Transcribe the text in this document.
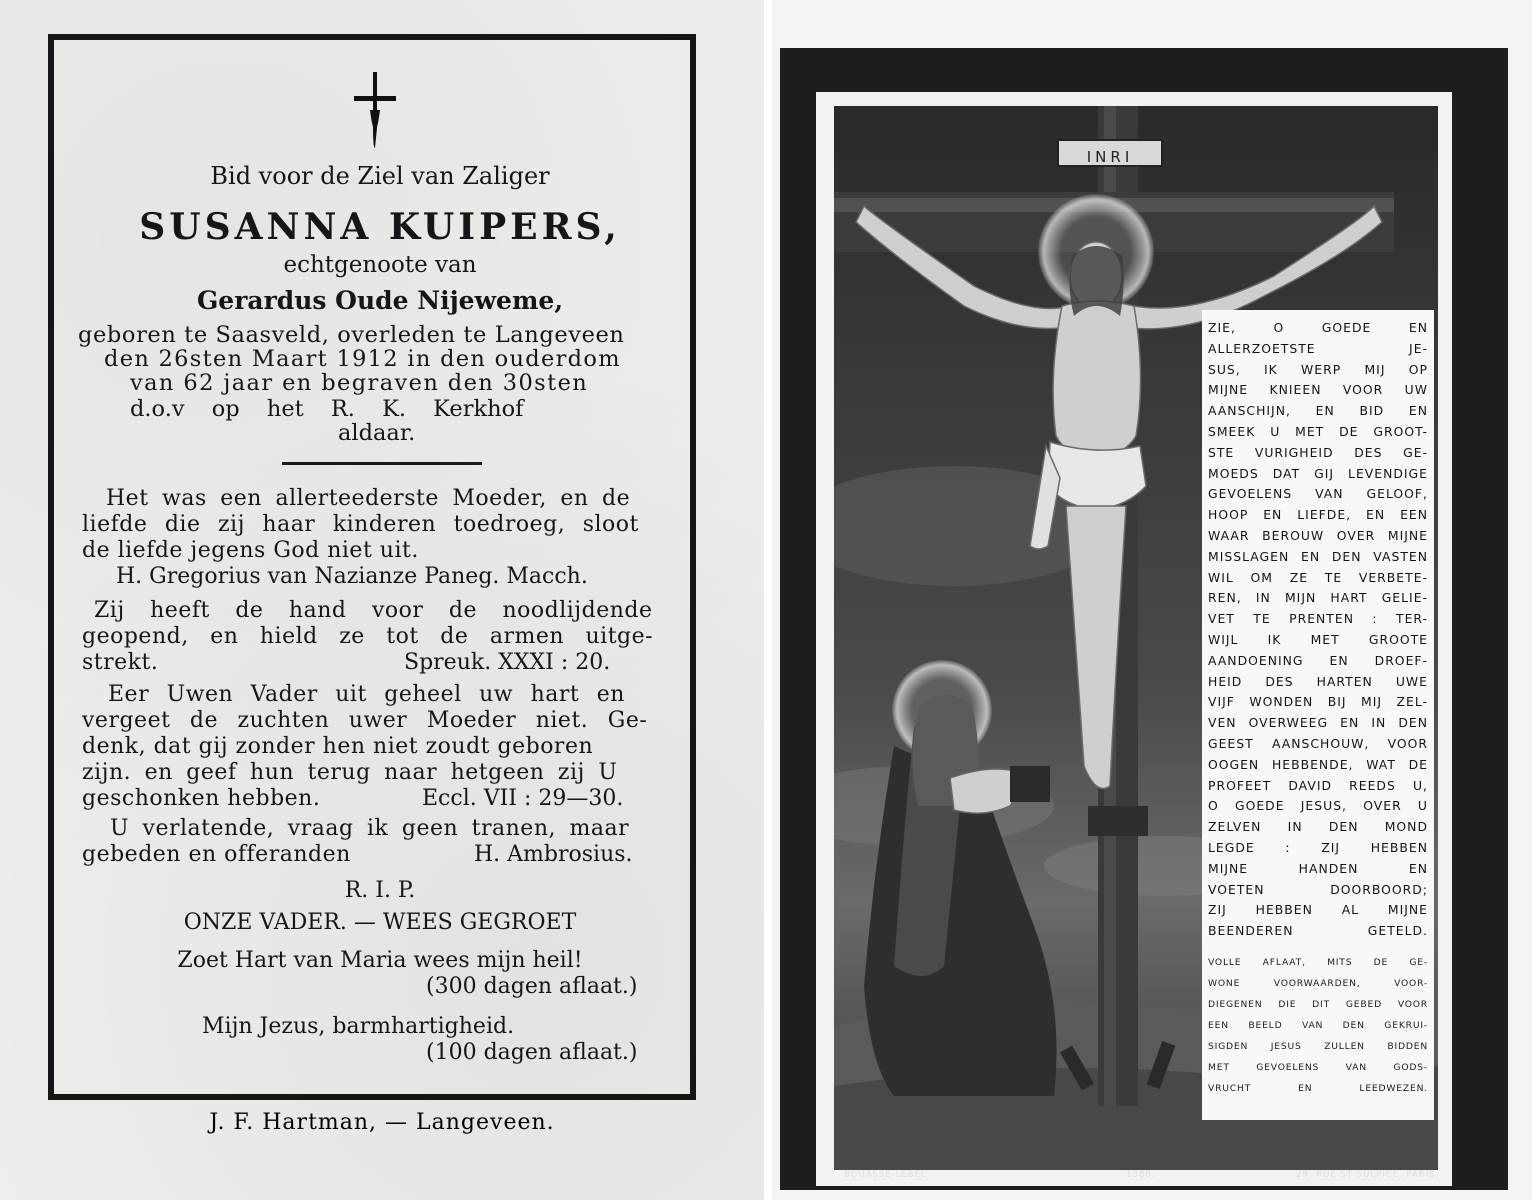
Bid voor de Ziel van Zaliger
SUSANNA KUIPERS,
echtgenoote van
Gerardus Oude Nijeweme,
geboren te Saasveld, overleden te Langeveen
den 26sten Maart 1912 in den ouderdom
van 62 jaar en begraven den 30sten
d.o.v op het R. K. Kerkhof
aldaar.
Het was een allerteederste Moeder, en de
liefde die zij haar kinderen toedroeg, sloot
de liefde jegens God niet uit.
H. Gregorius van Nazianze Paneg. Macch.
Zij heeft de hand voor de noodlijdende
geopend, en hield ze tot de armen uitge-
strekt.	Spreuk. XXXI : 20.
Eer Uwen Vader uit geheel uw hart en
vergeet de zuchten uwer Moeder niet. Ge-
denk, dat gij zonder hen niet zoudt geboren
zijn. en geef hun terug naar hetgeen zij U
geschonken hebben.	Eccl. VII : 29—30.
U verlatende, vraag ik geen tranen, maar
gebeden en offeranden	H. Ambrosius.
R. I. P.
ONZE VADER. — WEES GEGROET
Zoet Hart van Maria wees mijn heil!
(300 dagen aflaat.)
Mijn Jezus, barmhartigheid.
(100 dagen aflaat.)
J. F. Hartman, — Langeveen.
INRI
ZIE, O GOEDE EN
ALLERZOETSTE JE-
SUS, IK WERP MIJ OP
MIJNE KNIEEN VOOR UW
AANSCHIJN, EN BID EN
SMEEK U MET DE GROOT-
STE VURIGHEID DES GE-
MOEDS DAT GIJ LEVENDIGE
GEVOELENS VAN GELOOF,
HOOP EN LIEFDE, EN EEN
WAAR BEROUW OVER MIJNE
MISSLAGEN EN DEN VASTEN
WIL OM ZE TE VERBETE-
REN, IN MIJN HART GELIE-
VET TE PRENTEN : TER-
WIJL IK MET GROOTE
AANDOENING EN DROEF-
HEID DES HARTEN UWE
VIJF WONDEN BIJ MIJ ZEL-
VEN OVERWEEG EN IN DEN
GEEST AANSCHOUW, VOOR
OOGEN HEBBENDE, WAT DE
PROFEET DAVID REEDS U,
O GOEDE JESUS, OVER U
ZELVEN IN DEN MOND
LEGDE : ZIJ HEBBEN
MIJNE HANDEN EN
VOETEN DOORBOORD;
ZIJ HEBBEN AL MIJNE
BEENDEREN GETELD.
VOLLE AFLAAT, MITS DE GE-
WONE VOORWAARDEN, VOOR-
DIEGENEN DIE DIT GEBED VOOR
EEN BEELD VAN DEN GEKRUI-
SIGDEN JESUS ZULLEN BIDDEN
MET GEVOELENS VAN GODS-
VRUCHT EN LEEDWEZEN.
BOUASSE-LEBEL	1380.	29, RUE ST SULPICE, PARIS.
